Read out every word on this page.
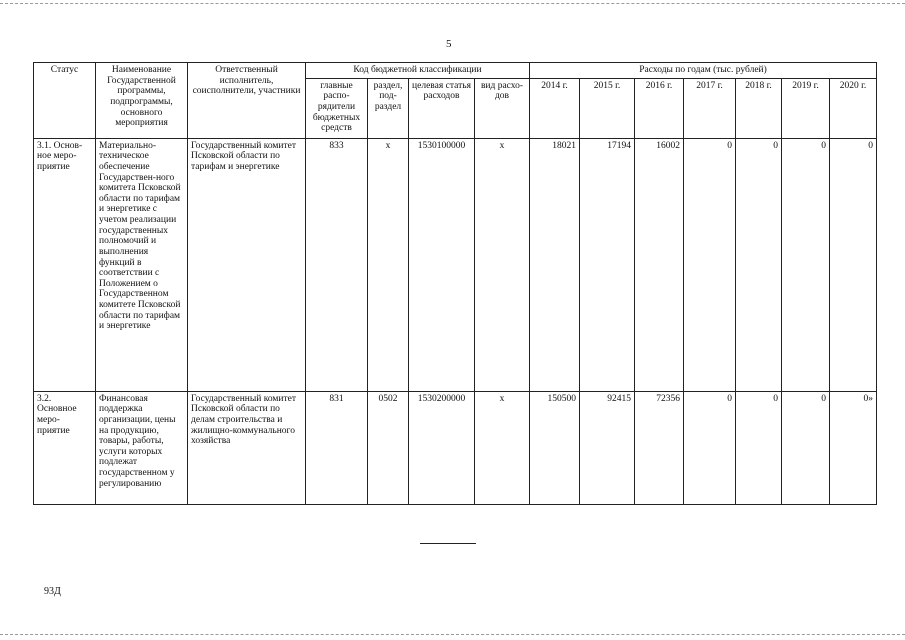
5
Статус	Наименование Государственной программы, подпрограммы, основного мероприятия	Ответственный исполнитель, соисполнители, участники	Код бюджетной классификации				Расходы по годам (тыс. рублей)						
			главные распо-рядители бюджетных средств	раздел, под-раздел	целевая статья расходов	вид расхо-дов	2014 г.	2015 г.	2016 г.	2017 г.	2018 г.	2019 г.	2020 г.
3.1. Основ-ное меро-приятие	Материально-техническое обеспечение Государствен-ного комитета Псковской области по тарифам и энергетике с учетом реализации государственных полномочий и выполнения функций в соответствии с Положением о Государственном комитете Псковской области по тарифам и энергетике	Государственный комитет Псковской области по тарифам и энергетике	833	х	1530100000	х	18021	17194	16002	0	0	0	0
3.2. Основное меро-приятие	Финансовая поддержка организации, цены на продукцию, товары, работы, услуги которых подлежат государственном у регулированию	Государственный комитет Псковской области по делам строительства и жилищно-коммунального хозяйства	831	0502	1530200000	х	150500	92415	72356	0	0	0	0»
93Д
